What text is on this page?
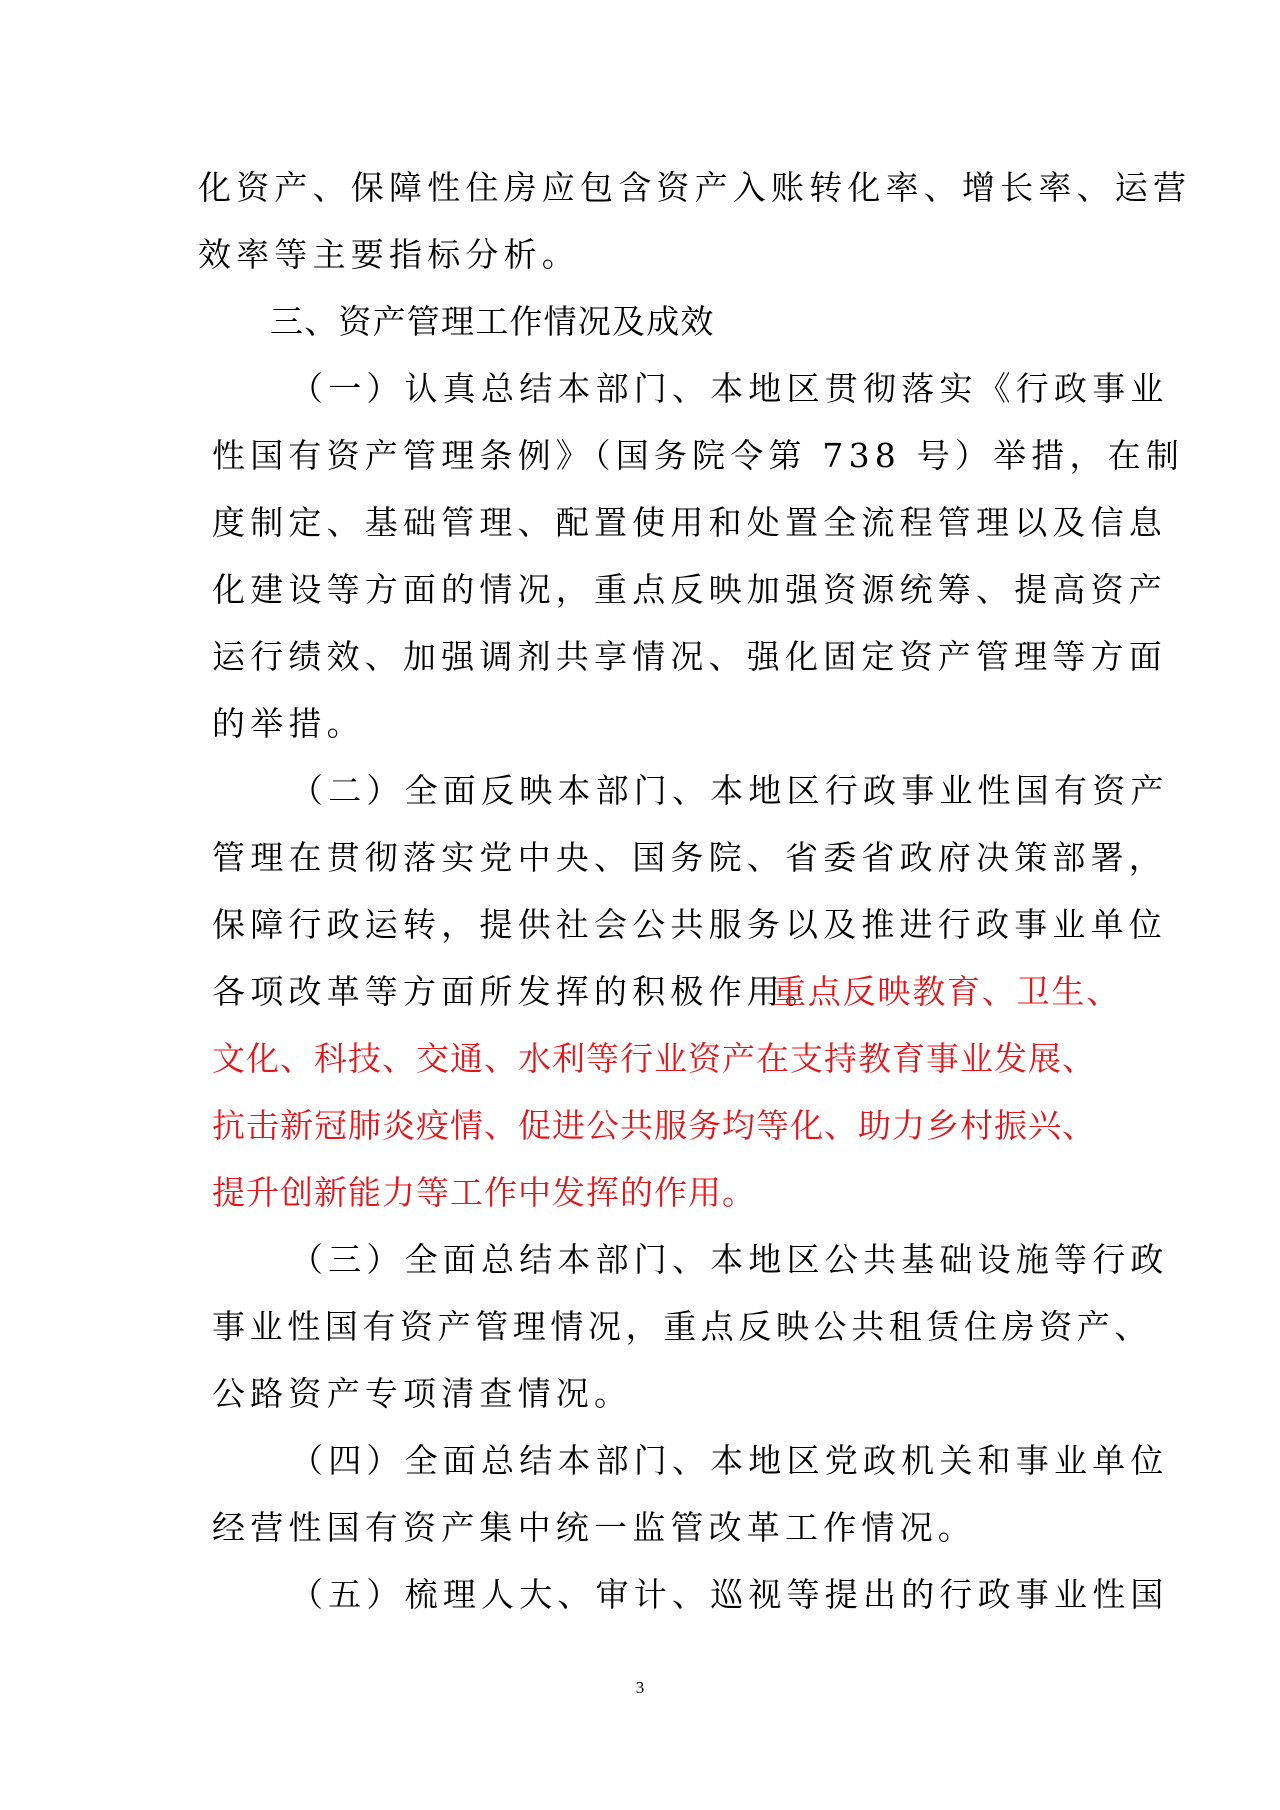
化资产、保障性住房应包含资产入账转化率、增长率、运营
效率等主要指标分析。
三、资产管理工作情况及成效
（一）认真总结本部门、本地区贯彻落实《行政事业
性国有资产管理条例》（国务院令第 738 号）举措，在制
度制定、基础管理、配置使用和处置全流程管理以及信息
化建设等方面的情况，重点反映加强资源统筹、提高资产
运行绩效、加强调剂共享情况、强化固定资产管理等方面
的举措。
（二）全面反映本部门、本地区行政事业性国有资产
管理在贯彻落实党中央、国务院、省委省政府决策部署，
保障行政运转，提供社会公共服务以及推进行政事业单位
各项改革等方面所发挥的积极作用。
重点反映教育、卫生、
文化、科技、交通、水利等行业资产在支持教育事业发展、
抗击新冠肺炎疫情、促进公共服务均等化、助力乡村振兴、
提升创新能力等工作中发挥的作用。
（三）全面总结本部门、本地区公共基础设施等行政
事业性国有资产管理情况，重点反映公共租赁住房资产、
公路资产专项清查情况。
（四）全面总结本部门、本地区党政机关和事业单位
经营性国有资产集中统一监管改革工作情况。
（五）梳理人大、审计、巡视等提出的行政事业性国
3
